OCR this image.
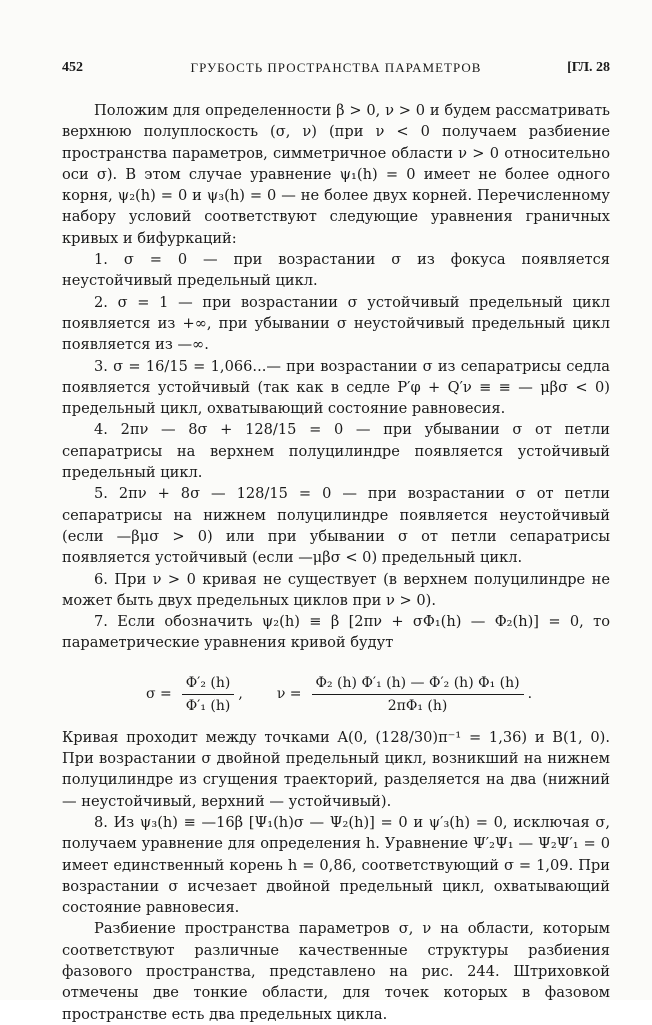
452	ГРУБОСТЬ ПРОСТРАНСТВА ПАРАМЕТРОВ	[ГЛ. 28

Положим для определенности β > 0, ν > 0 и будем рассматривать верхнюю полуплоскость (σ, ν) (при ν < 0 получаем разбиение пространства параметров, симметричное области ν > 0 относительно оси σ). В этом случае уравнение ψ₁(h) = 0 имеет не более одного корня, ψ₂(h) = 0 и ψ₃(h) = 0 — не более двух корней. Перечисленному набору условий соответствуют следующие уравнения граничных кривых и бифуркаций:

1. σ = 0 — при возрастании σ из фокуса появляется неустойчивый предельный цикл.

2. σ = 1 — при возрастании σ устойчивый предельный цикл появляется из +∞, при убывании σ неустойчивый предельный цикл появляется из —∞.

3. σ = 16/15 = 1,066...— при возрастании σ из сепаратрисы седла появляется устойчивый (так как в седле P′φ + Q′ν ≡ ≡ — μβσ < 0) предельный цикл, охватывающий состояние равновесия.

4. 2πν — 8σ + 128/15 = 0 — при убывании σ от петли сепаратрисы на верхнем полуцилиндре появляется устойчивый предельный цикл.

5. 2πν + 8σ — 128/15 = 0 — при возрастании σ от петли сепаратрисы на нижнем полуцилиндре появляется неустойчивый (если —βμσ > 0) или при убывании σ от петли сепаратрисы появляется устойчивый (если —μβσ < 0) предельный цикл.

6. При ν > 0 кривая не существует (в верхнем полуцилиндре не может быть двух предельных циклов при ν > 0).

7. Если обозначить ψ₂(h) ≡ β [2πν + σΦ₁(h) — Φ₂(h)] = 0, то параметрические уравнения кривой будут

$\sigma = \frac{\text{Φ′₂ (h)}}{\text{Φ′₁ (h)}}$ , $\nu = \frac{\text{Φ₂ (h) Φ′₁ (h) — Φ′₂ (h) Φ₁ (h)}}{\text{2πΦ₁ (h)}}$ .

Кривая проходит между точками A(0, (128/30)π⁻¹ = 1,36) и B(1, 0). При возрастании σ двойной предельный цикл, возникший на нижнем полуцилиндре из сгущения траекторий, разделяется на два (нижний — неустойчивый, верхний — устойчивый).

8. Из ψ₃(h) ≡ —16β [Ψ₁(h)σ — Ψ₂(h)] = 0 и ψ′₃(h) = 0, исключая σ, получаем уравнение для определения h. Уравнение Ψ′₂Ψ₁ — Ψ₂Ψ′₁ = 0 имеет единственный корень h = 0,86, соответствующий σ = 1,09. При возрастании σ исчезает двойной предельный цикл, охватывающий состояние равновесия.

Разбиение пространства параметров σ, ν на области, которым соответствуют различные качественные структуры разбиения фазового пространства, представлено на рис. 244. Штриховкой отмечены две тонкие области, для точек которых в фазовом пространстве есть два предельных цикла.
